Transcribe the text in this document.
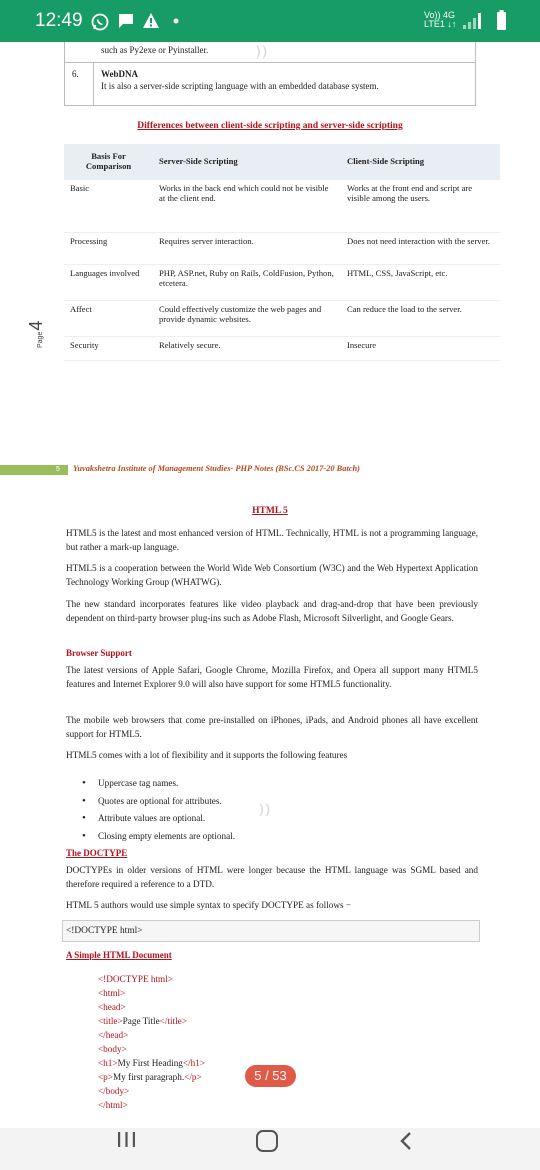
12:49	Vo)) 4G
LTE1 ↓↑
such as Py2exe or Pyinstaller.
6. WebDNA
It is also a server-side scripting language with an embedded database system.
⁾⁾
Differences between client-side scripting and server-side scripting
Basis For Comparison	Server-Side Scripting	Client-Side Scripting
Basic	Works in the back end which could not be visible at the client end.	Works at the front end and script are visible among the users.
Processing	Requires server interaction.	Does not need interaction with the server.
Languages involved	PHP, ASP.net, Ruby on Rails, ColdFusion, Python, etcetera.	HTML, CSS, JavaScript, etc.
Affect	Could effectively customize the web pages and provide dynamic websites.	Can reduce the load to the server.
Security	Relatively secure.	Insecure
Page4
5	Yuvakshetra Institute of Management Studies- PHP Notes (BSc.CS 2017-20 Batch)
HTML 5

HTML5 is the latest and most enhanced version of HTML. Technically, HTML is not a programming language, but rather a mark-up language.

HTML5 is a cooperation between the World Wide Web Consortium (W3C) and the Web Hypertext Application Technology Working Group (WHATWG).

The new standard incorporates features like video playback and drag-and-drop that have been previously dependent on third-party browser plug-ins such as Adobe Flash, Microsoft Silverlight, and Google Gears.

Browser Support

The latest versions of Apple Safari, Google Chrome, Mozilla Firefox, and Opera all support many HTML5 features and Internet Explorer 9.0 will also have support for some HTML5 functionality.

The mobile web browsers that come pre-installed on iPhones, iPads, and Android phones all have excellent support for HTML5.

HTML5 comes with a lot of flexibility and it supports the following features

• Uppercase tag names.
• Quotes are optional for attributes.
• Attribute values are optional.
• Closing empty elements are optional.
⁾⁾
The DOCTYPE

DOCTYPEs in older versions of HTML were longer because the HTML language was SGML based and therefore required a reference to a DTD.

HTML 5 authors would use simple syntax to specify DOCTYPE as follows −

<!DOCTYPE html>
A Simple HTML Document
<!DOCTYPE html>
<html>
<head>
<title>Page Title</title>
</head>
<body>
<h1>My First Heading</h1>
<p>My first paragraph.</p>
</body>
</html>
5 / 53
